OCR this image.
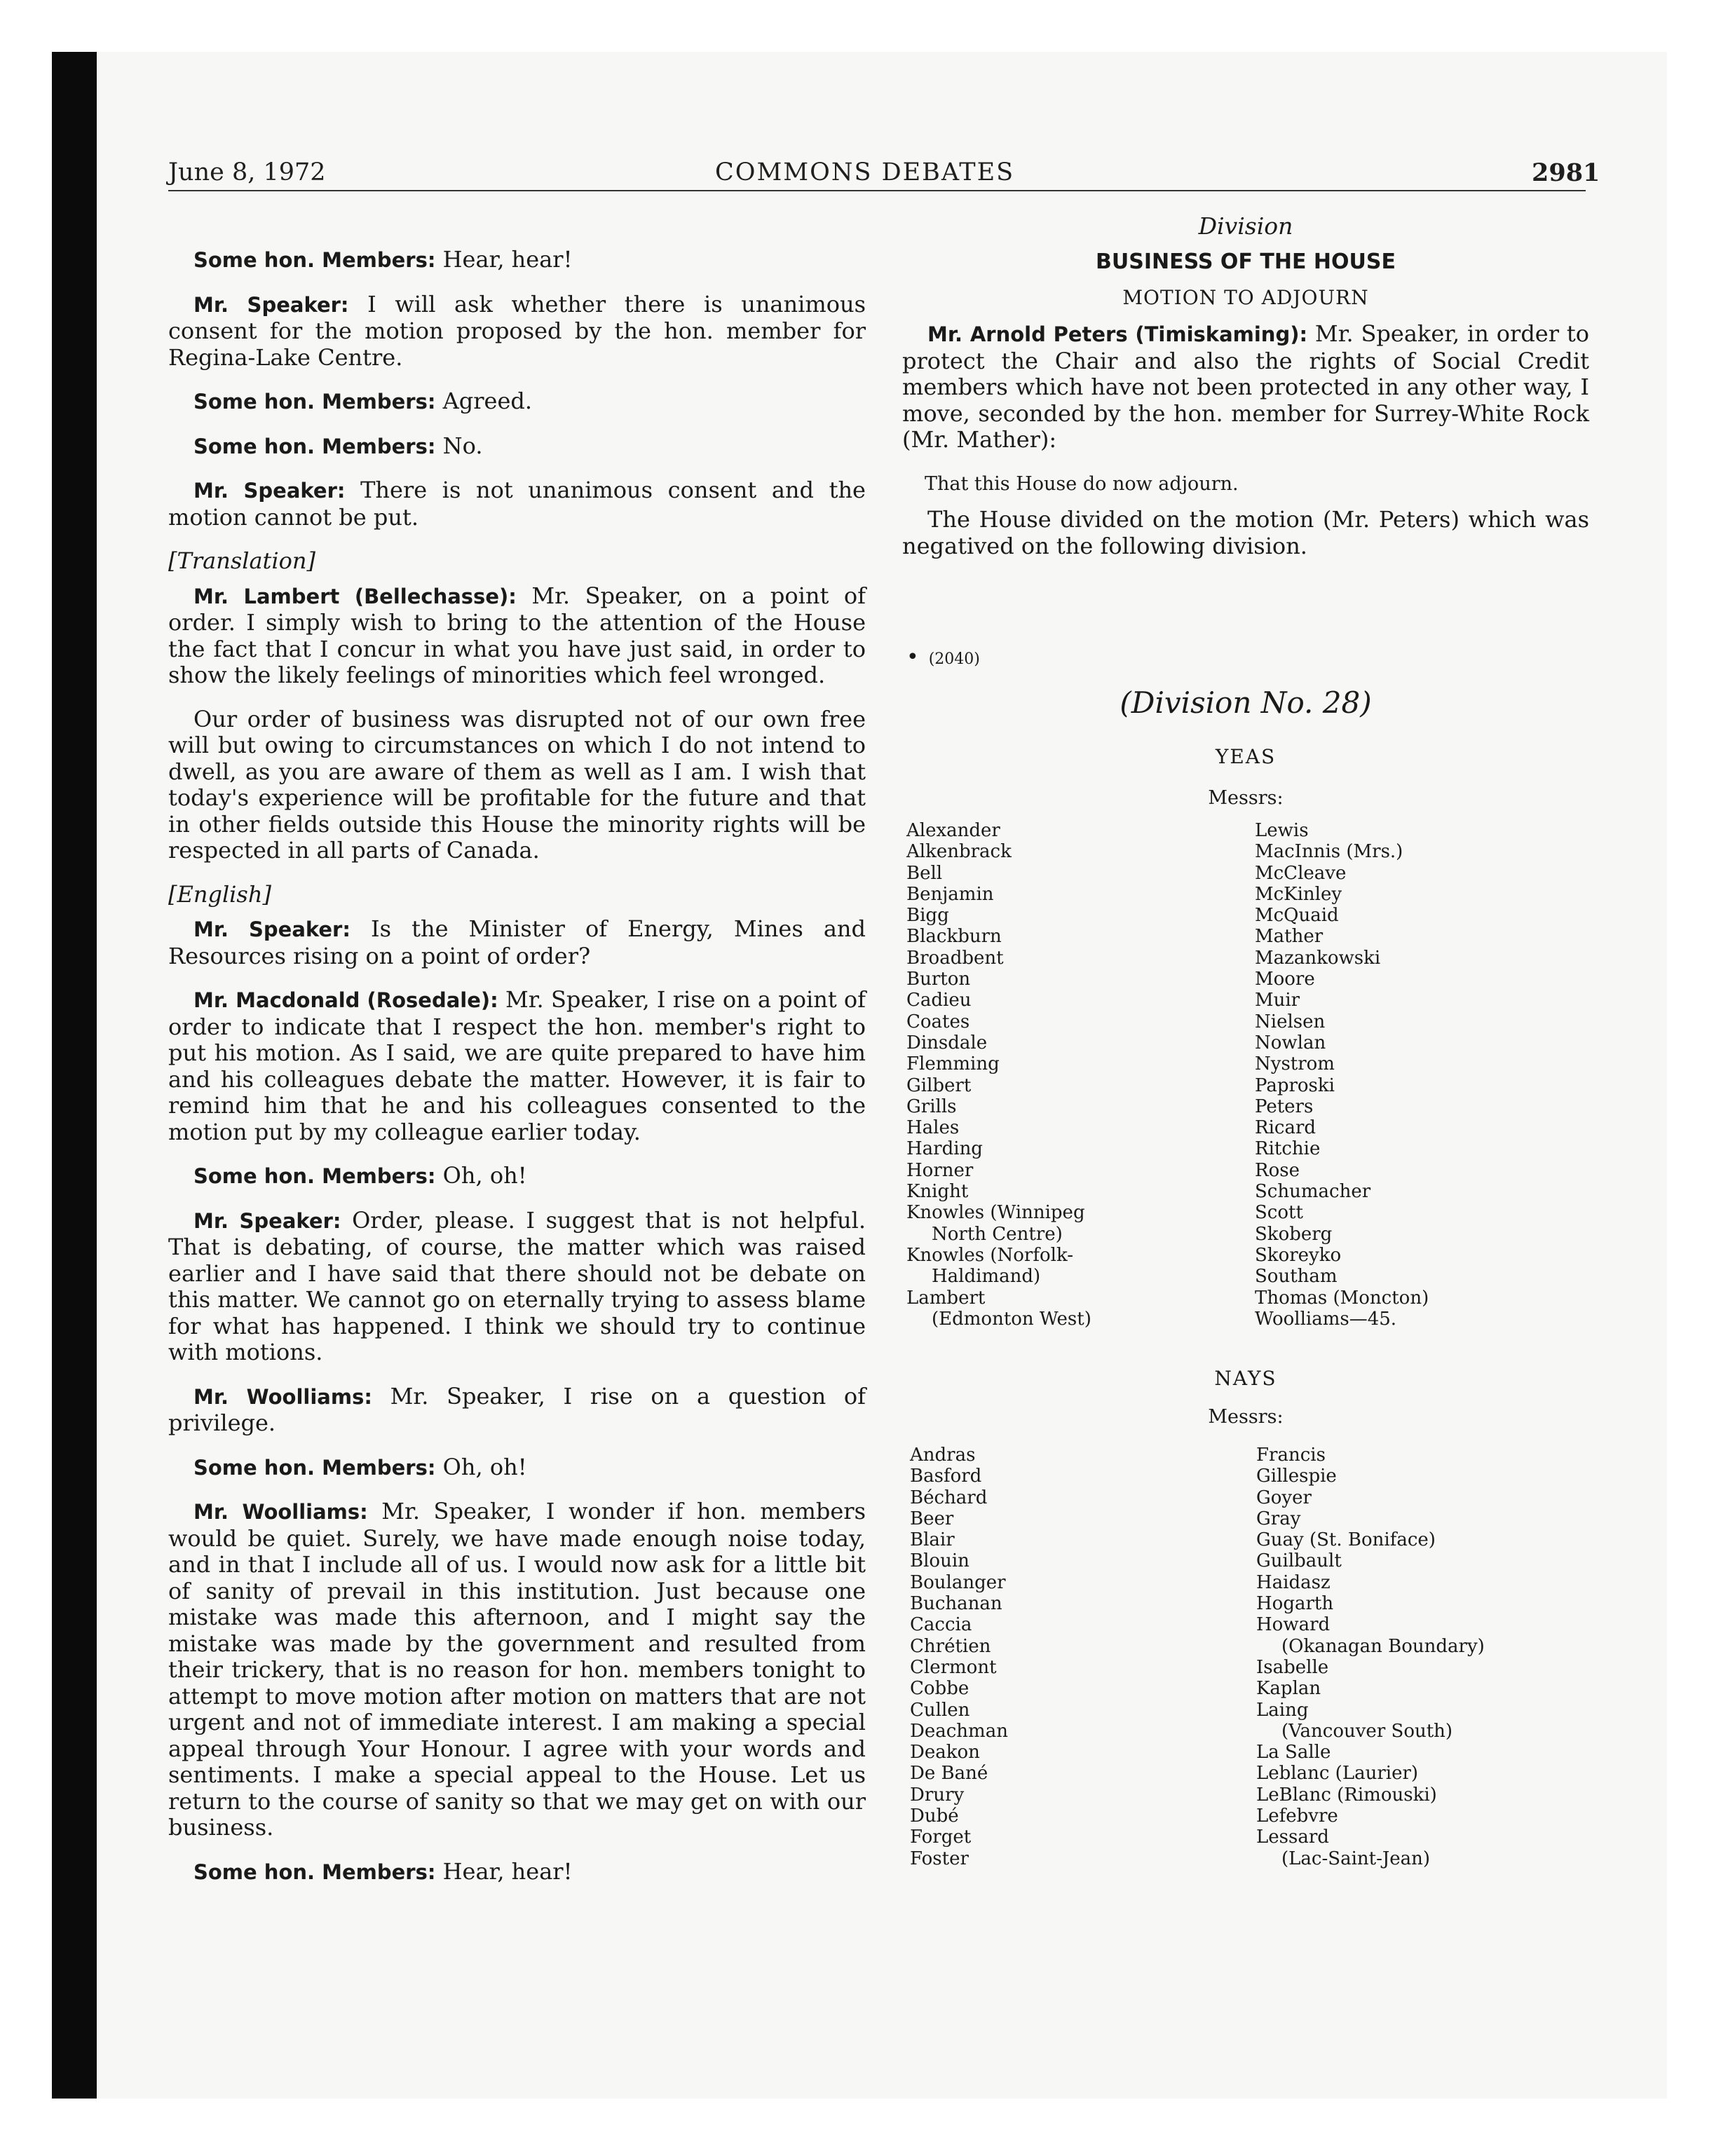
June 8, 1972	COMMONS DEBATES	2981

Some hon. Members: Hear, hear!

Mr. Speaker: I will ask whether there is unanimous consent for the motion proposed by the hon. member for Regina-Lake Centre.

Some hon. Members: Agreed.

Some hon. Members: No.

Mr. Speaker: There is not unanimous consent and the motion cannot be put.

[Translation]

Mr. Lambert (Bellechasse): Mr. Speaker, on a point of order. I simply wish to bring to the attention of the House the fact that I concur in what you have just said, in order to show the likely feelings of minorities which feel wronged.

Our order of business was disrupted not of our own free will but owing to circumstances on which I do not intend to dwell, as you are aware of them as well as I am. I wish that today's experience will be profitable for the future and that in other fields outside this House the minority rights will be respected in all parts of Canada.

[English]

Mr. Speaker: Is the Minister of Energy, Mines and Resources rising on a point of order?

Mr. Macdonald (Rosedale): Mr. Speaker, I rise on a point of order to indicate that I respect the hon. member's right to put his motion. As I said, we are quite prepared to have him and his colleagues debate the matter. However, it is fair to remind him that he and his colleagues consented to the motion put by my colleague earlier today.

Some hon. Members: Oh, oh!

Mr. Speaker: Order, please. I suggest that is not helpful. That is debating, of course, the matter which was raised earlier and I have said that there should not be debate on this matter. We cannot go on eternally trying to assess blame for what has happened. I think we should try to continue with motions.

Mr. Woolliams: Mr. Speaker, I rise on a question of privilege.

Some hon. Members: Oh, oh!

Mr. Woolliams: Mr. Speaker, I wonder if hon. members would be quiet. Surely, we have made enough noise today, and in that I include all of us. I would now ask for a little bit of sanity of prevail in this institution. Just because one mistake was made this afternoon, and I might say the mistake was made by the government and resulted from their trickery, that is no reason for hon. members tonight to attempt to move motion after motion on matters that are not urgent and not of immediate interest. I am making a special appeal through Your Honour. I agree with your words and sentiments. I make a special appeal to the House. Let us return to the course of sanity so that we may get on with our business.

Some hon. Members: Hear, hear!

Division

BUSINESS OF THE HOUSE

MOTION TO ADJOURN

Mr. Arnold Peters (Timiskaming): Mr. Speaker, in order to protect the Chair and also the rights of Social Credit members which have not been protected in any other way, I move, seconded by the hon. member for Surrey-White Rock (Mr. Mather):

That this House do now adjourn.

The House divided on the motion (Mr. Peters) which was negatived on the following division.

• (2040)
(Division No. 28)
YEAS
Messrs:
Alexander
Alkenbrack
Bell
Benjamin
Bigg
Blackburn
Broadbent
Burton
Cadieu
Coates
Dinsdale
Flemming
Gilbert
Grills
Hales
Harding
Horner
Knight
Knowles (Winnipeg
North Centre)
Knowles (Norfolk-
Haldimand)
Lambert
(Edmonton West)
Lewis
MacInnis (Mrs.)
McCleave
McKinley
McQuaid
Mather
Mazankowski
Moore
Muir
Nielsen
Nowlan
Nystrom
Paproski
Peters
Ricard
Ritchie
Rose
Schumacher
Scott
Skoberg
Skoreyko
Southam
Thomas (Moncton)
Woolliams—45.
NAYS
Messrs:
Andras
Basford
Béchard
Beer
Blair
Blouin
Boulanger
Buchanan
Caccia
Chrétien
Clermont
Cobbe
Cullen
Deachman
Deakon
De Bané
Drury
Dubé
Forget
Foster
Francis
Gillespie
Goyer
Gray
Guay (St. Boniface)
Guilbault
Haidasz
Hogarth
Howard
(Okanagan Boundary)
Isabelle
Kaplan
Laing
(Vancouver South)
La Salle
Leblanc (Laurier)
LeBlanc (Rimouski)
Lefebvre
Lessard
(Lac-Saint-Jean)
